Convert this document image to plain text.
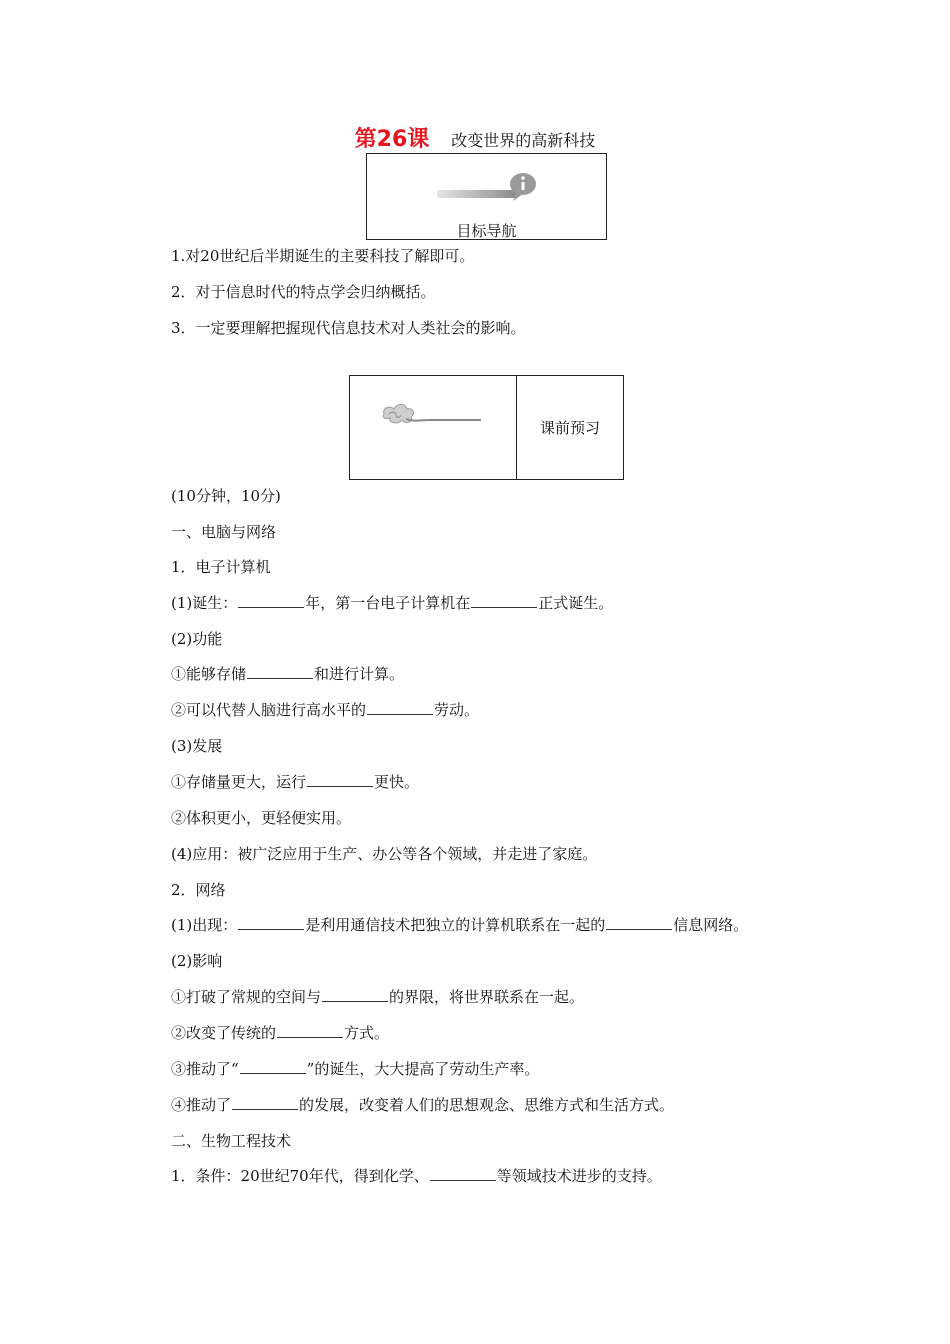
第26课 改变世界的高新科技
目标导航
1.对20世纪后半期诞生的主要科技了解即可。
2．对于信息时代的特点学会归纳概括。
3．一定要理解把握现代信息技术对人类社会的影响。
课前预习
(10分钟，10分)
一、电脑与网络
1．电子计算机
(1)诞生：	年，第一台电子计算机在	正式诞生。
(2)功能
①能够存储	和进行计算。
②可以代替人脑进行高水平的	劳动。
(3)发展
①存储量更大，运行	更快。
②体积更小，更轻便实用。
(4)应用：被广泛应用于生产、办公等各个领域，并走进了家庭。
2．网络
(1)出现：	是利用通信技术把独立的计算机联系在一起的	信息网络。
(2)影响
①打破了常规的空间与	的界限，将世界联系在一起。
②改变了传统的	方式。
③推动了“	”的诞生，大大提高了劳动生产率。
④推动了	的发展，改变着人们的思想观念、思维方式和生活方式。
二、生物工程技术
1．条件：20世纪70年代，得到化学、	等领域技术进步的支持。
